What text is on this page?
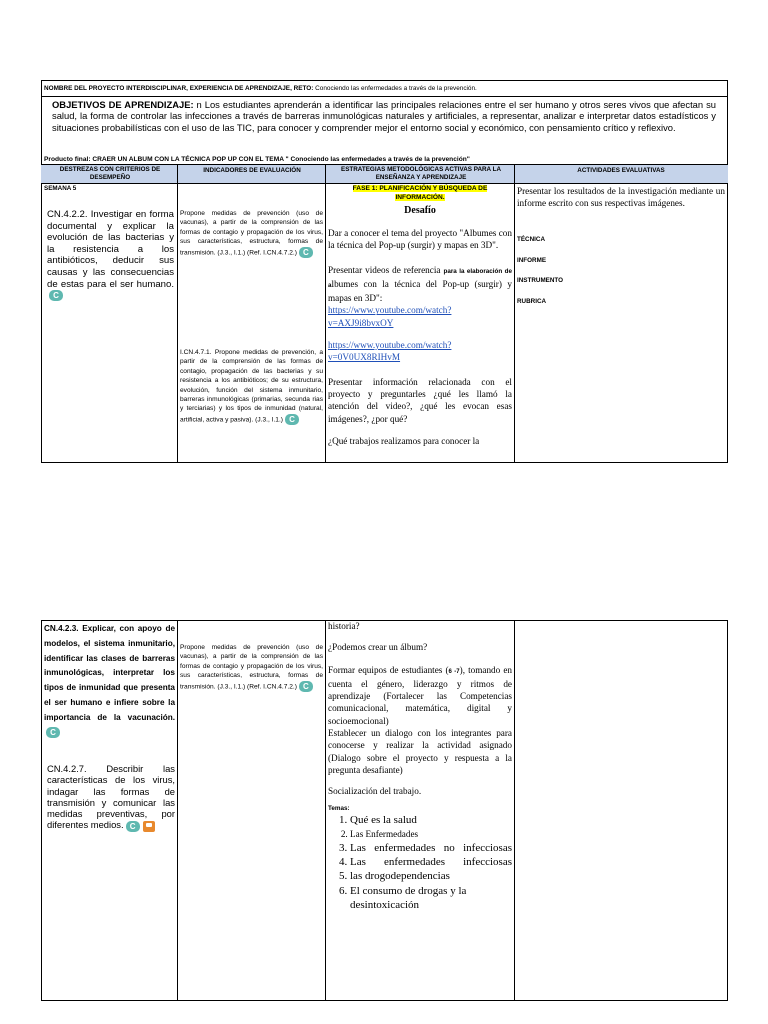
NOMBRE DEL PROYECTO INTERDISCIPLINAR, EXPERIENCIA DE APRENDIZAJE, RETO: Conociendo las enfermedades a través de la prevención.
OBJETIVOS DE APRENDIZAJE: n Los estudiantes aprenderán a identificar las principales relaciones entre el ser humano y otros seres vivos que afectan su salud, la forma de controlar las infecciones a través de barreras inmunológicas naturales y artificiales, a representar, analizar e interpretar datos estadísticos y situaciones probabilísticas con el uso de las TIC, para conocer y comprender mejor el entorno social y económico, con pensamiento crítico y reflexivo.
Producto final: CRAER UN ALBUM CON LA TÉCNICA POP UP CON EL TEMA " Conociendo las enfermedades a través de la prevención"
DESTREZAS CON CRITERIOS DE DESEMPEÑO
INDICADORES DE EVALUACIÓN	ESTRATEGIAS METODOLÓGICAS ACTIVAS PARA LA ENSEÑANZA Y APRENDIZAJE
ACTIVIDADES EVALUATIVAS
SEMANA 5
CN.4.2.2. Investigar en forma documental y explicar la evolución de las bacterias y la resistencia a los antibióticos, deducir sus causas y las consecuencias de estas para el ser humano.C
Propone medidas de prevención (uso de vacunas), a partir de la comprensión de las formas de contagio y propagación de los virus, sus características, estructura, formas de transmisión. (J.3., I.1.) (Ref. I.CN.4.7.2.) C
I.CN.4.7.1. Propone medidas de prevención, a partir de la comprensión de las formas de contagio, propagación de las bacterias y su resistencia a los antibióticos; de su estructura, evolución, función del sistema inmunitario, barreras inmunológicas (primarias, secunda rias y terciarias) y los tipos de inmunidad (natural, artificial, activa y pasiva). (J.3., I.1.) C
FASE 1: PLANIFICACIÓN Y BÚSQUEDA DE INFORMACIÓN.
Desafío
Dar a conocer el tema del proyecto "Albumes con la técnica del Pop-up (surgir) y mapas en 3D".
Presentar videos de referencia para la elaboración de albumes con la técnica del Pop-up (surgir) y mapas en 3D":
https://www.youtube.com/watch?
v=AXJ9i8bvxOY
https://www.youtube.com/watch?
v=0V0UX8RIHvM
Presentar información relacionada con el proyecto y preguntarles ¿qué les llamó la atención del video?, ¿qué les evocan esas imágenes?, ¿por qué?
¿Qué trabajos realizamos para conocer la
Presentar los resultados de la investigación mediante un informe escrito con sus respectivas imágenes.
TÉCNICA
INFORME
INSTRUMENTO
RUBRICA
CN.4.2.3. Explicar, con apoyo de modelos, el sistema inmunitario, identificar las clases de barreras inmunológicas, interpretar los tipos de inmunidad que presenta el ser humano e infiere sobre la importancia de la vacunación.C
CN.4.2.7. Describir las características de los virus, indagar las formas de transmisión y comunicar las medidas preventivas, por diferentes medios. C
Propone medidas de prevención (uso de vacunas), a partir de la comprensión de las formas de contagio y propagación de los virus, sus características, estructura, formas de transmisión. (J.3., I.1.) (Ref. I.CN.4.7.2.) C
historia?
¿Podemos crear un álbum?
Formar equipos de estudiantes (6 -7), tomando en cuenta el género, liderazgo y ritmos de aprendizaje (Fortalecer las Competencias comunicacional, matemática, digital y socioemocional)
Establecer un dialogo con los integrantes para conocerse y realizar la actividad asignado (Dialogo sobre el proyecto y respuesta a la pregunta desafiante)
Socialización del trabajo.
Temas:
1. Qué es la salud
2. Las Enfermedades
3. Las enfermedades no infecciosas
4. Las enfermedades infecciosas
5. las drogodependencias
6. El consumo de drogas y la desintoxicación
